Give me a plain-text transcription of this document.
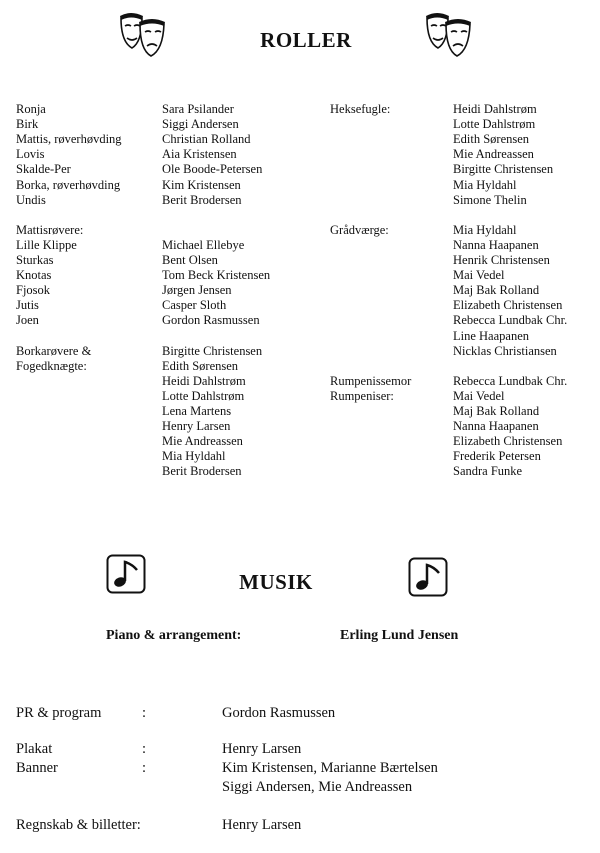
ROLLER
Ronja	Sara Psilander
Birk	Siggi Andersen
Mattis, røverhøvding	Christian Rolland
Lovis	Aia Kristensen
Skalde-Per	Ole Boode-Petersen
Borka, røverhøvding	Kim Kristensen
Undis	Berit Brodersen
Mattisrøvere:
Lille Klippe	Michael Ellebye
Sturkas	Bent Olsen
Knotas	Tom Beck Kristensen
Fjosok	Jørgen Jensen
Jutis	Casper Sloth
Joen	Gordon Rasmussen
Borkarøvere &	Birgitte Christensen
Fogedknægte:	Edith Sørensen
Heidi Dahlstrøm
Lotte Dahlstrøm
Lena Martens
Henry Larsen
Mie Andreassen
Mia Hyldahl
Berit Brodersen
Heksefugle:	Heidi Dahlstrøm
Lotte Dahlstrøm
Edith Sørensen
Mie Andreassen
Birgitte Christensen
Mia Hyldahl
Simone Thelin
Grådværge:	Mia Hyldahl
Nanna Haapanen
Henrik Christensen
Mai Vedel
Maj Bak Rolland
Elizabeth Christensen
Rebecca Lundbak Chr.
Line Haapanen
Nicklas Christiansen
Rumpenissemor	Rebecca Lundbak Chr.
Rumpeniser:	Mai Vedel
Maj Bak Rolland
Nanna Haapanen
Elizabeth Christensen
Frederik Petersen
Sandra Funke
MUSIK
Piano & arrangement:	Erling Lund Jensen
PR & program	:	Gordon Rasmussen
Plakat	:	Henry Larsen
Banner	:	Kim Kristensen, Marianne Bærtelsen
Siggi Andersen, Mie Andreassen
Regnskab & billetter:	Henry Larsen
